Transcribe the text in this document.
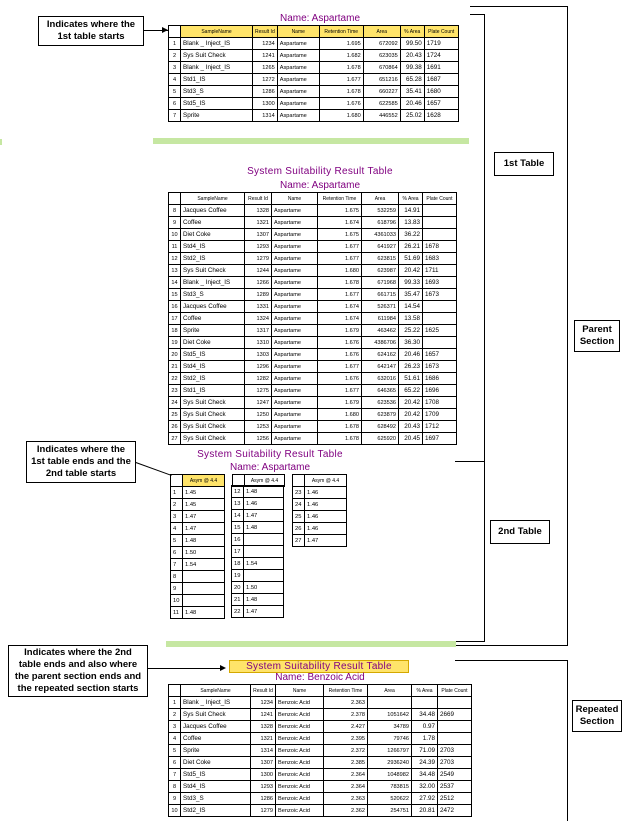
1st Table
Parent Section
2nd Table
Repeated Section
Indicates where the 1st table starts
Indicates where the 1st table ends and the 2nd table starts
Indicates where the 2nd table ends and also where the parent section ends and the repeated section starts
Name: Aspartame
	SampleName	Result Id	Name	Retention Time	Area	% Area	Plate Count
1	Blank _ Inject_IS	1234	Aspartame	1.695	672092	99.50	1719
2	Sys Suit Check	1241	Aspartame	1.682	623035	20.43	1724
3	Blank _ Inject_IS	1265	Aspartame	1.678	670864	99.38	1691
4	Std1_IS	1272	Aspartame	1.677	651216	65.28	1687
5	Std3_S	1286	Aspartame	1.678	660227	35.41	1680
6	Std5_IS	1300	Aspartame	1.676	622585	20.46	1657
7	Sprite	1314	Aspartame	1.680	446552	25.02	1628
System Suitability Result Table
Name: Aspartame
	SampleName	Result Id	Name	Retention Time	Area	% Area	Plate Count
8	Jacques Coffee	1328	Aspartame	1.675	532259	14.91	
9	Coffee	1321	Aspartame	1.674	618796	13.83	
10	Diet Coke	1307	Aspartame	1.675	4361033	36.22	
11	Std4_IS	1293	Aspartame	1.677	641927	26.21	1678
12	Std2_IS	1279	Aspartame	1.677	623815	51.69	1683
13	Sys Suit Check	1244	Aspartame	1.680	623987	20.42	1711
14	Blank _ Inject_IS	1266	Aspartame	1.678	671968	99.33	1693
15	Std3_S	1289	Aspartame	1.677	661715	35.47	1673
16	Jacques Coffee	1331	Aspartame	1.674	526371	14.54	
17	Coffee	1324	Aspartame	1.674	611984	13.58	
18	Sprite	1317	Aspartame	1.679	463462	25.22	1625
19	Diet Coke	1310	Aspartame	1.676	4386706	36.30	
20	Std5_IS	1303	Aspartame	1.676	624162	20.46	1657
21	Std4_IS	1296	Aspartame	1.677	642147	26.23	1673
22	Std2_IS	1282	Aspartame	1.676	632016	51.61	1686
23	Std1_IS	1275	Aspartame	1.677	646365	65.22	1696
24	Sys Suit Check	1247	Aspartame	1.679	623536	20.42	1708
25	Sys Suit Check	1250	Aspartame	1.680	623879	20.42	1709
26	Sys Suit Check	1253	Aspartame	1.678	628492	20.43	1712
27	Sys Suit Check	1256	Aspartame	1.678	625920	20.45	1697
System Suitability Result Table
Name: Aspartame
	Asym @ 4.4
1	1.45
2	1.45
3	1.47
4	1.47
5	1.48
6	1.50
7	1.54
8	
9	
10	
11	1.48
12	1.48
13	1.46
14	1.47
15	1.48
16	
17	
18	1.54
19	
20	1.50
21	1.48
22	1.47
	Asym @ 4.4
		Asym @ 4.4
23	1.46
24	1.46
25	1.46
26	1.46
27	1.47
System Suitability Result Table
Name: Benzoic Acid
	SampleName	Result Id	Name	Retention Time	Area	% Area	Plate Count
1	Blank _ Inject_IS	1234	Benzoic Acid	2.363			
2	Sys Suit Check	1241	Benzoic Acid	2.378	1051642	34.48	2669
3	Jacques Coffee	1328	Benzoic Acid	2.427	34789	0.97	
4	Coffee	1321	Benzoic Acid	2.395	79746	1.78	
5	Sprite	1314	Benzoic Acid	2.372	1266797	71.09	2703
6	Diet Coke	1307	Benzoic Acid	2.385	2936240	24.39	2703
7	Std5_IS	1300	Benzoic Acid	2.364	1048982	34.48	2549
8	Std4_IS	1293	Benzoic Acid	2.364	783815	32.00	2537
9	Std3_S	1286	Benzoic Acid	2.363	520622	27.92	2512
10	Std2_IS	1279	Benzoic Acid	2.362	254751	20.81	2472
